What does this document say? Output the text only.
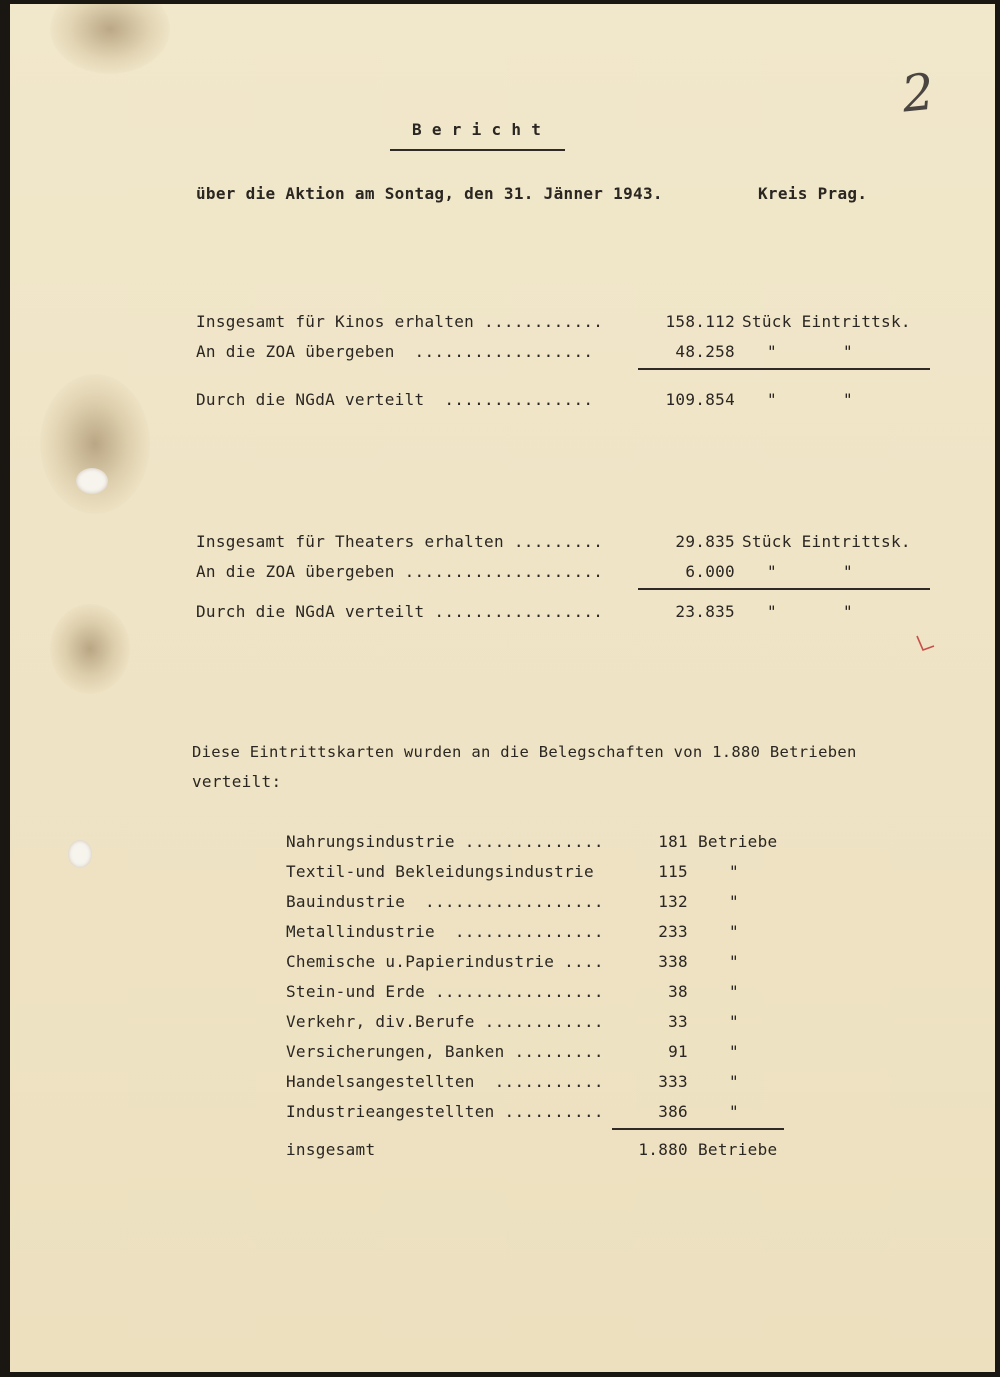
2
B e r i c h t
über die Aktion am Sontag, den 31. Jänner 1943.	Kreis Prag.
Insgesamt für Kinos erhalten ............	158.112 Stück Eintrittsk.
An die ZOA übergeben  ..................	48.258	"	"
Durch die NGdA verteilt  ...............	109.854	"	"
Insgesamt für Theaters erhalten .........	29.835 Stück Eintrittsk.
An die ZOA übergeben ....................	6.000	"	"
Durch die NGdA verteilt .................	23.835	"	"
Diese Eintrittskarten wurden an die Belegschaften von 1.880 Betrieben
verteilt:
Nahrungsindustrie ..............	181 Betriebe
Textil-und Bekleidungsindustrie	115	"
Bauindustrie  ..................	132	"
Metallindustrie  ...............	233	"
Chemische u.Papierindustrie ....	338	"
Stein-und Erde .................	38	"
Verkehr, div.Berufe ............	33	"
Versicherungen, Banken .........	91	"
Handelsangestellten  ...........	333	"
Industrieangestellten ..........	386	"
insgesamt	1.880 Betriebe
